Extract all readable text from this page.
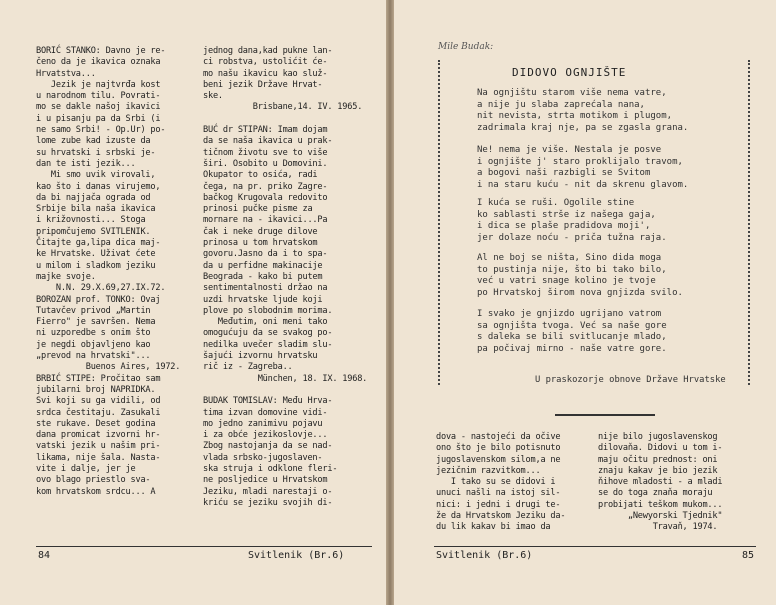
BORIĆ STANKO: Davno je re-
čeno da je ikavica oznaka
Hrvatstva...
Jezik je najtvrđa kost
u narodnom tilu. Povrati-
mo se dakle našoj ikavici
i u pisanju pa da Srbi (i
ne samo Srbi! - Op.Ur) po-
lome zube kad izuste da
su hrvatski i srbski je-
dan te isti jezik...
Mi smo uvik virovali,
kao što i danas virujemo,
da bi najjača ograda od
Srbije bila naša ikavica
i križovnosti... Stoga
pripomčujemo SVITLENIK.
Čitajte ga,lipa dica maj-
ke Hrvatske. Uživat ćete
u milom i sladkom jeziku
majke svoje.
N.N. 29.X.69,27.IX.72.
BOROZAN prof. TONKO: Ovaj
Tutavčev privod „Martin
Fierro" je savršen. Nema
ni uzporedbe s onim što
je negdi objavljeno kao
„prevod na hrvatski"...
Buenos Aires, 1972.
BRBIĆ STIPE: Pročitao sam
jubilarni broj NAPRIDKA.
Svi koji su ga vidili, od
srdca čestitaju. Zasukali
ste rukave. Deset godina
dana promicat izvorni hr-
vatski jezik u našim pri-
likama, nije šala. Nasta-
vite i dalje, jer je
ovo blago priestlo sva-
kom hrvatskom srdcu... A
jednog dana,kad pukne lan-
ci robstva, ustolićit će-
mo našu ikavicu kao služ-
beni jezik Države Hrvat-
ske.
Brisbane,14. IV. 1965.

BUĆ dr STIPAN: Imam dojam
da se naša ikavica u prak-
tičnom životu sve to više
širi. Osobito u Domovini.
Okupator to osića, radi
čega, na pr. priko Zagre-
bačkog Krugovala redovito
prinosi pučke pisme za
mornare na - ikavici...Pa
čak i neke druge dilove
prinosa u tom hrvatskom
govoru.Jasno da i to spa-
da u perfidne makinacije
Beograda - kako bi putem
sentimentalnosti držao na
uzdi hrvatske ljude koji
plove po slobodnim morima.
Međutim, oni meni tako
omogućuju da se svakog po-
nedilka uvečer sladim slu-
šajući izvornu hrvatsku
rič iz - Zagreba..
München, 18. IX. 1968.

BUDAK TOMISLAV: Među Hrva-
tima izvan domovine vidi-
mo jedno zanimivu pojavu
i za obće jezikoslovje...
Zbog nastojanja da se nad-
vlada srbsko-jugoslaven-
ska struja i odklone fleri-
ne posljedice u Hrvatskom
Jeziku, mladi narestaji o-
kriću se jeziku svojih di-
84	Svitlenik (Br.6)
Mile Budak:
DIDOVO OGNJIŠTE
Na ognjištu starom više nema vatre,
a nije ju slaba zaprećala nana,
nit nevista, strta motikom i plugom,
zadrimala kraj nje, pa se zgasla grana.
Ne! nema je više. Nestala je posve
i ognjište j' staro proklijalo travom,
a bogovi naši razbigli se Svitom
i na staru kuću - nit da skrenu glavom.
I kuća se ruši. Ogolile stine
ko sablasti strše iz našega gaja,
i dica se plaše pradidova moji',
jer dolaze noću - priča tužna raja.
Al ne boj se ništa, Sino dida moga
to pustinja nije, što bi tako bilo,
već u vatri snage kolino je tvoje
po Hrvatskoj širom nova gnjizda svilo.
I svako je gnjizdo ugrijano vatrom
sa ognjišta tvoga. Već sa naše gore
s daleka se bili svitlucanje mlado,
pa počivaj mirno - naše vatre gore.
U praskozorje obnove Države Hrvatske
dova - nastojeći da očive
ono što je bilo potisnuto
jugoslavenskom silom,a ne
jezičnim razvitkom...
I tako su se didovi i
unuci našli na istoj sil-
nici: i jedni i drugi te-
že da Hrvatskom Jeziku da-
du lik kakav bi imao da
nije bilo jugoslavenskog
dilovaňa. Didovi u tom i-
maju očitu prednost: oni
znaju kakav je bio jezik
ňihove mladosti - a mladi
se do toga znaňa moraju
probijati teškom mukom...
„Newyorski Tjednik"
Travaň, 1974.
Svitlenik (Br.6)	85
